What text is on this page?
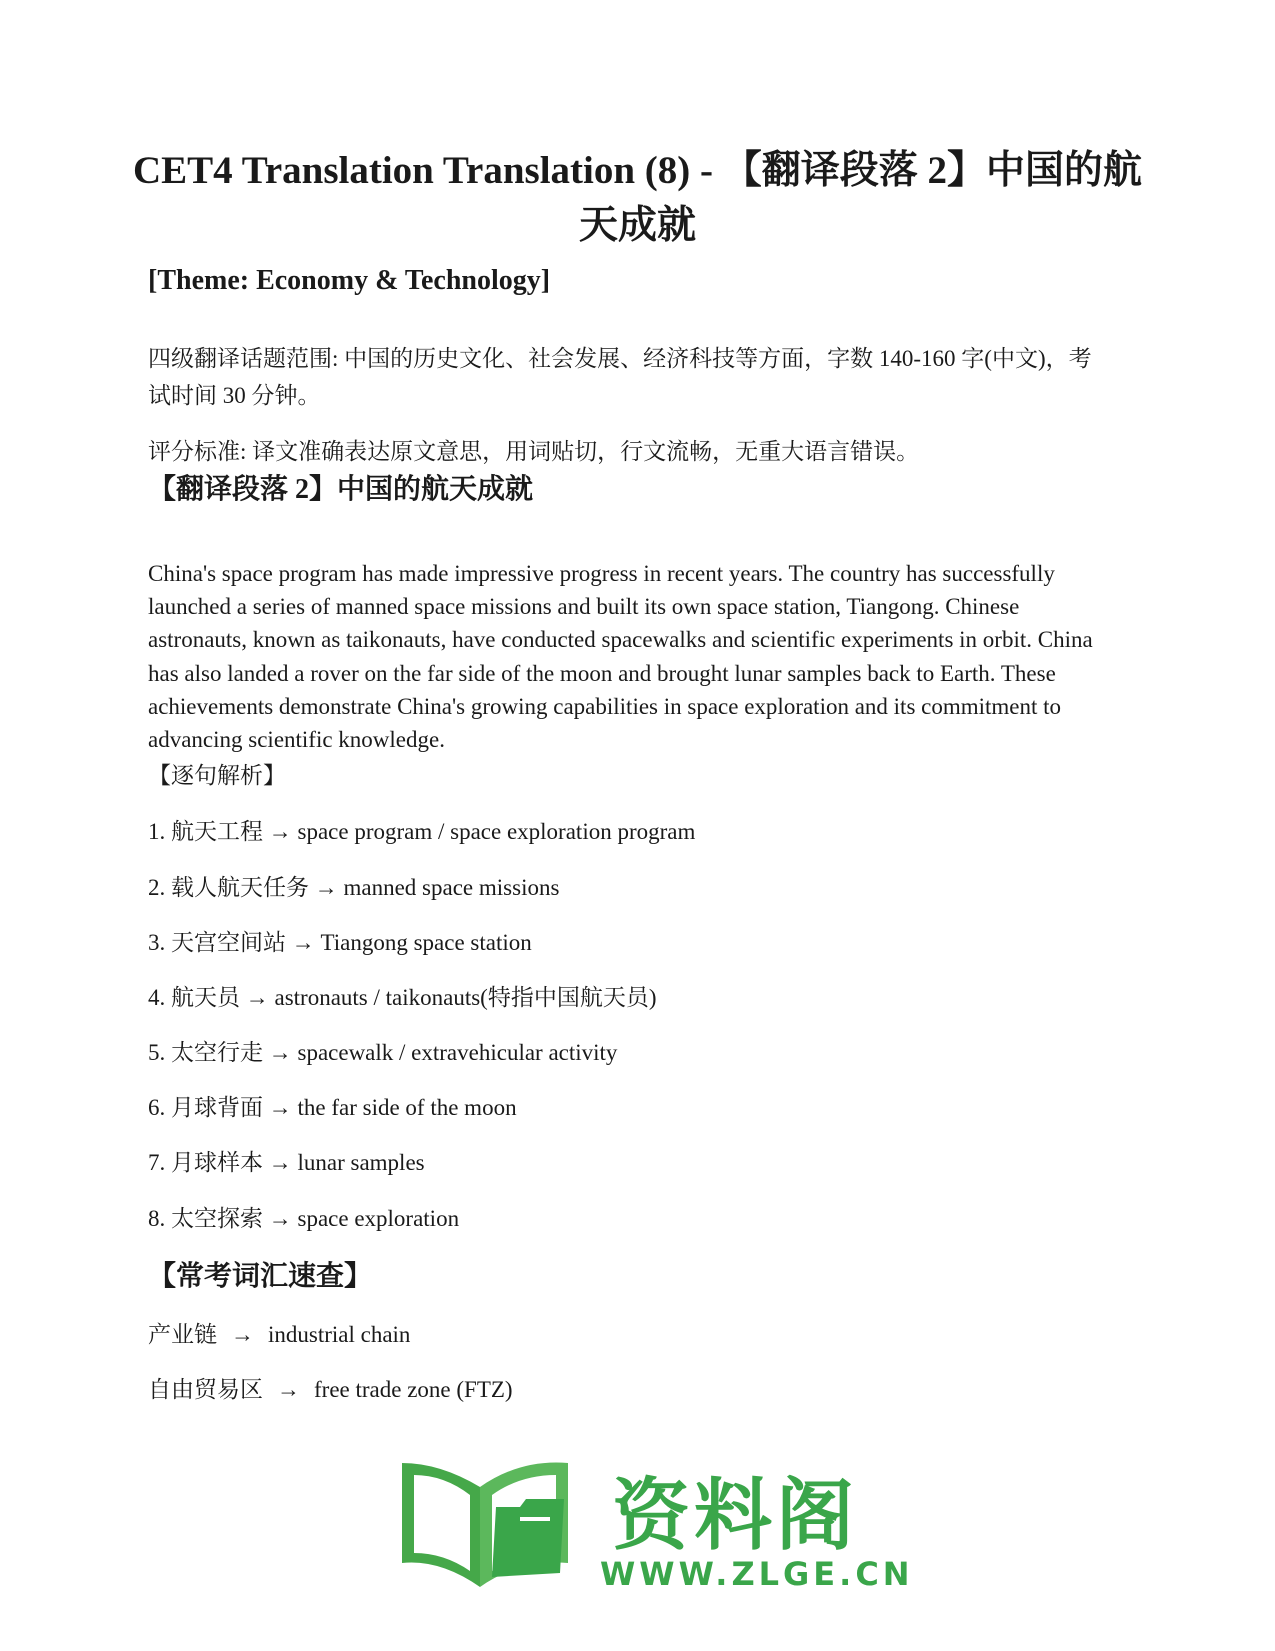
CET4 Translation Translation (8) - 【翻译段落 2】中国的航天成就
[Theme: Economy & Technology]

四级翻译话题范围: 中国的历史文化、社会发展、经济科技等方面，字数 140-160 字(中文)，考试时间 30 分钟。

评分标准: 译文准确表达原文意思，用词贴切，行文流畅，无重大语言错误。

【翻译段落 2】中国的航天成就

China's space program has made impressive progress in recent years. The country has successfully launched a series of manned space missions and built its own space station, Tiangong. Chinese astronauts, known as taikonauts, have conducted spacewalks and scientific experiments in orbit. China has also landed a rover on the far side of the moon and brought lunar samples back to Earth. These achievements demonstrate China's growing capabilities in space exploration and its commitment to advancing scientific knowledge.

【逐句解析】

1. 航天工程 → space program / space exploration program

2. 载人航天任务 → manned space missions

3. 天宫空间站 → Tiangong space station

4. 航天员 → astronauts / taikonauts(特指中国航天员)

5. 太空行走 → spacewalk / extravehicular activity

6. 月球背面 → the far side of the moon

7. 月球样本 → lunar samples

8. 太空探索 → space exploration

【常考词汇速查】

产业链 → industrial chain

自由贸易区 → free trade zone (FTZ)

资料阁
WWW.ZLGE.CN
